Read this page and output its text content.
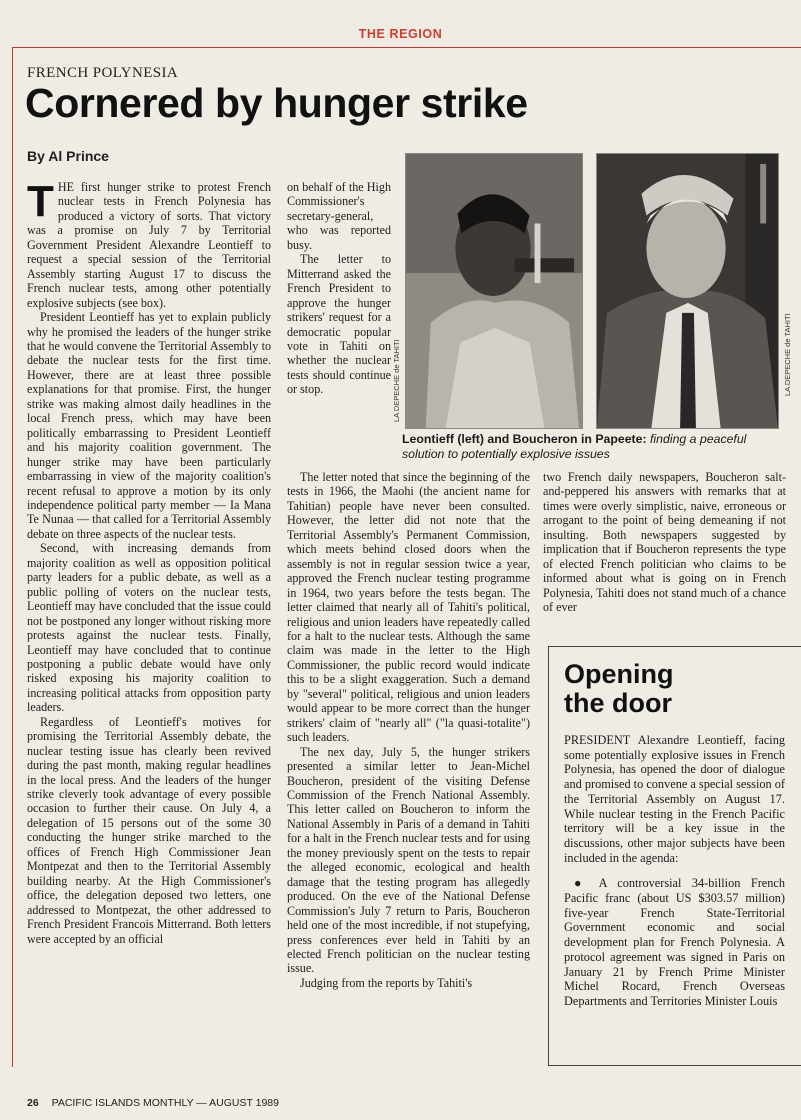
THE REGION
FRENCH POLYNESIA
Cornered by hunger strike
By Al Prince

THE first hunger strike to protest French nuclear tests in French Polynesia has produced a victory of sorts. That victory was a promise on July 7 by Territorial Government President Alexandre Leontieff to request a special session of the Territorial Assembly starting August 17 to discuss the French nuclear tests, among other potentially explosive subjects (see box).

President Leontieff has yet to explain publicly why he promised the leaders of the hunger strike that he would convene the Territorial Assembly to debate the nuclear tests for the first time. However, there are at least three possible explanations for that promise. First, the hunger strike was making almost daily headlines in the local French press, which may have been politically embarrassing to President Leontieff and his majority coalition government. The hunger strike may have been particularly embarrassing in view of the majority coalition's recent refusal to approve a motion by its only independence political party member — Ia Mana Te Nunaa — that called for a Territorial Assembly debate on three aspects of the nuclear tests.

Second, with increasing demands from majority coalition as well as opposition political party leaders for a public debate, as well as a public polling of voters on the nuclear tests, Leontieff may have concluded that the issue could not be postponed any longer without risking more protests against the nuclear tests. Finally, Leontieff may have concluded that to continue postponing a public debate would have only risked exposing his majority coalition to increasing political attacks from opposition party leaders.

Regardless of Leontieff's motives for promising the Territorial Assembly debate, the nuclear testing issue has clearly been revived during the past month, making regular headlines in the local press. And the leaders of the hunger strike cleverly took advantage of every possible occasion to further their cause. On July 4, a delegation of 15 persons out of the some 30 conducting the hunger strike marched to the offices of French High Commissioner Jean Montpezat and then to the Territorial Assembly building nearby. At the High Commissioner's office, the delegation deposed two letters, one addressed to Montpezat, the other addressed to French President Francois Mitterrand. Both letters were accepted by an official

on behalf of the High Commissioner's secretary-general, who was reported busy.

The letter to Mitterrand asked the French President to approve the hunger strikers' request for a democratic popular vote in Tahiti on whether the nuclear tests should continue or stop.

The letter noted that since the beginning of the tests in 1966, the Maohi (the ancient name for Tahitian) people have never been consulted. However, the letter did not note that the Territorial Assembly's Permanent Commission, which meets behind closed doors when the assembly is not in regular session twice a year, approved the French nuclear testing programme in 1964, two years before the tests began. The letter claimed that nearly all of Tahiti's political, religious and union leaders have repeatedly called for a halt to the nuclear tests. Although the same claim was made in the letter to the High Commissioner, the public record would indicate this to be a slight exaggeration. Such a demand by "several" political, religious and union leaders would appear to be more correct than the hunger strikers' claim of "nearly all" ("la quasi-totalite") such leaders.

The nex day, July 5, the hunger strikers presented a similar letter to Jean-Michel Boucheron, president of the visiting Defense Commission of the French National Assembly. This letter called on Boucheron to inform the National Assembly in Paris of a demand in Tahiti for a halt in the French nuclear tests and for using the money previously spent on the tests to repair the alleged economic, ecological and health damage that the testing program has allegedly produced. On the eve of the National Defense Commission's July 7 return to Paris, Boucheron held one of the most incredible, if not stupefying, press conferences ever held in Tahiti by an elected French politician on the nuclear testing issue.

Judging from the reports by Tahiti's

two French daily newspapers, Boucheron salt-and-peppered his answers with remarks that at times were overly simplistic, naive, erroneous or arrogant to the point of being demeaning if not insulting. Both newspapers suggested by implication that if Boucheron represents the type of elected French politician who claims to be informed about what is going on in French Polynesia, Tahiti does not stand much of a chance of ever

LA DEPECHE de TAHITI	LA DEPECHE de TAHITI
Leontieff (left) and Boucheron in Papeete: finding a peaceful solution to potentially explosive issues
Opening
the door

PRESIDENT Alexandre Leontieff, facing some potentially explosive issues in French Polynesia, has opened the door of dialogue and promised to convene a special session of the Territorial Assembly on August 17. While nuclear testing in the French Pacific territory will be a key issue in the discussions, other major subjects have been included in the agenda:

● A controversial 34-billion French Pacific franc (about US $303.57 million) five-year French State-Territorial Government economic and social development plan for French Polynesia. A protocol agreement was signed in Paris on January 21 by French Prime Minister Michel Rocard, French Overseas Departments and Territories Minister Louis

26 PACIFIC ISLANDS MONTHLY — AUGUST 1989
